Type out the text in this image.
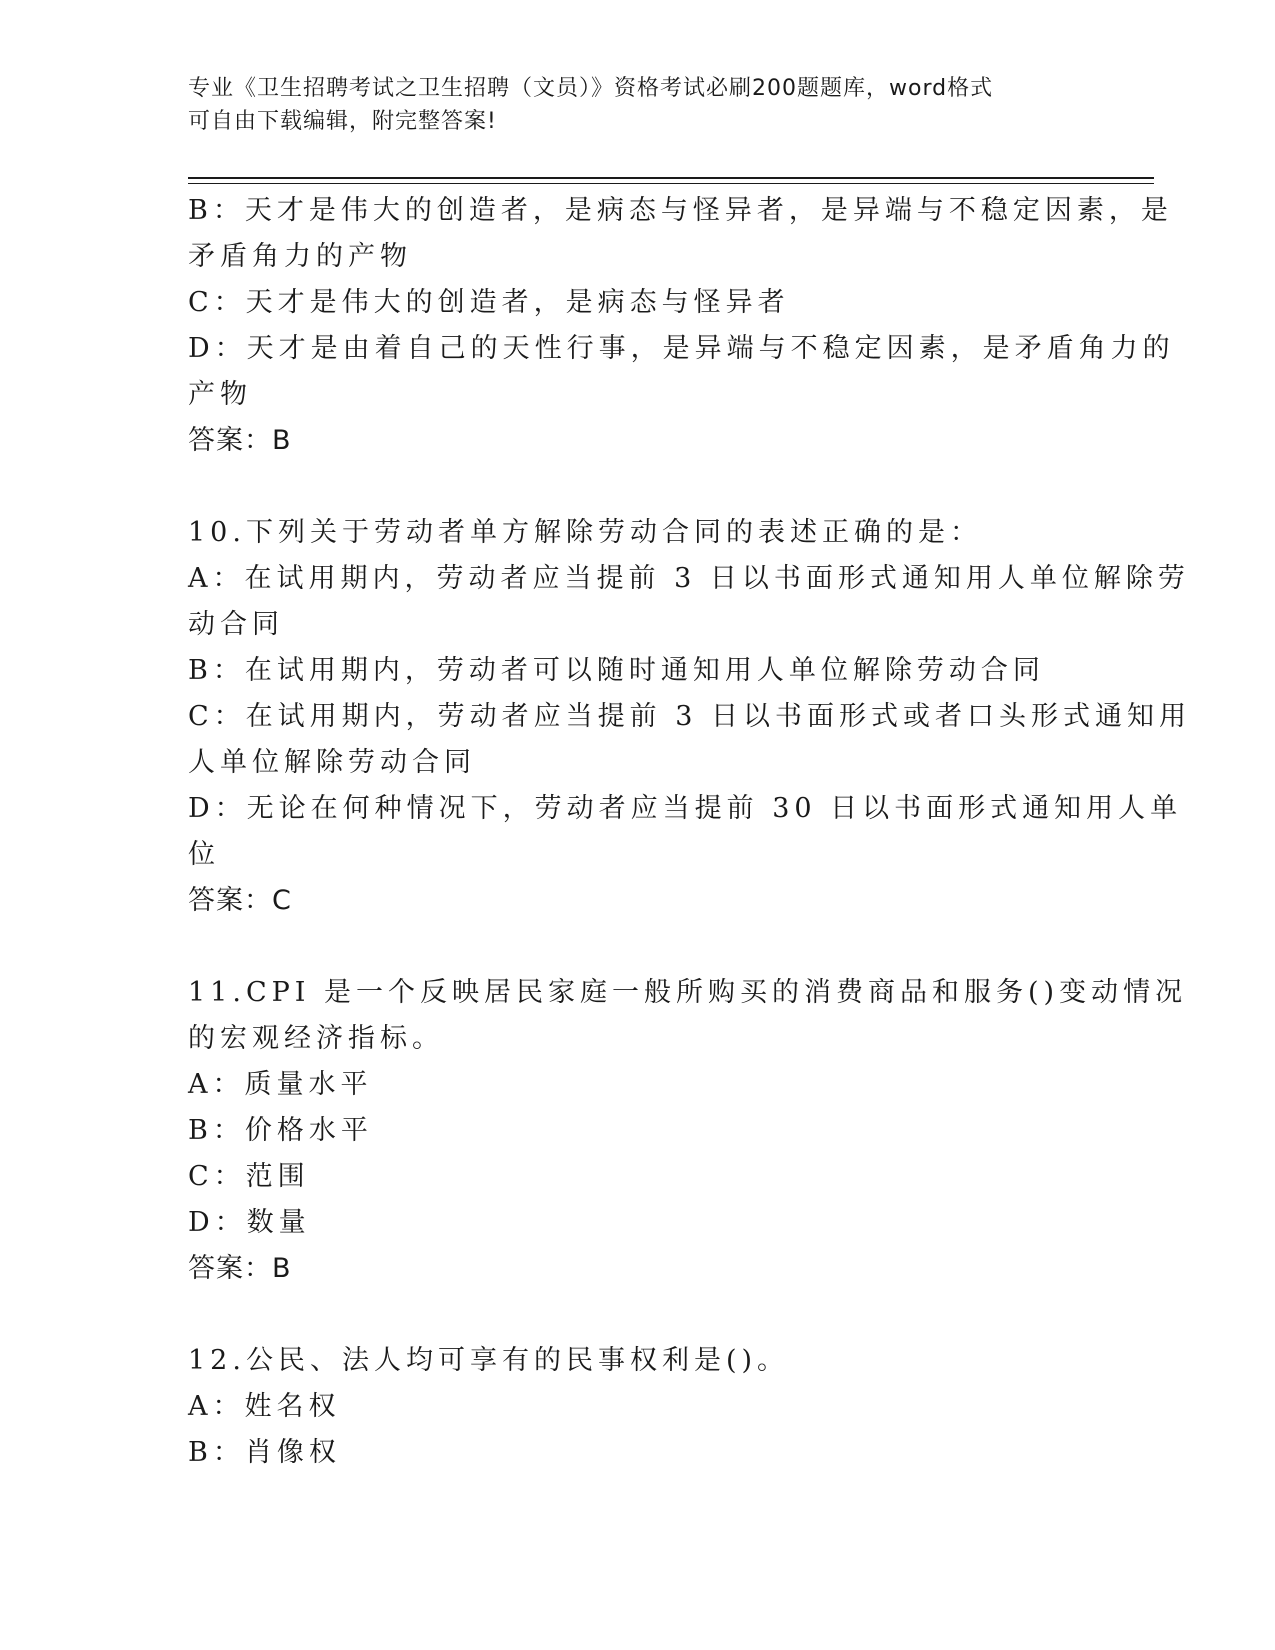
专业《卫生招聘考试之卫生招聘（文员）》资格考试必刷200题题库，word格式
可自由下载编辑，附完整答案!
B：天才是伟大的创造者，是病态与怪异者，是异端与不稳定因素，是
矛盾角力的产物
C：天才是伟大的创造者，是病态与怪异者
D：天才是由着自己的天性行事，是异端与不稳定因素，是矛盾角力的
产物
答案：B
10.下列关于劳动者单方解除劳动合同的表述正确的是：
A：在试用期内，劳动者应当提前 3 日以书面形式通知用人单位解除劳
动合同
B：在试用期内，劳动者可以随时通知用人单位解除劳动合同
C：在试用期内，劳动者应当提前 3 日以书面形式或者口头形式通知用
人单位解除劳动合同
D：无论在何种情况下，劳动者应当提前 30 日以书面形式通知用人单
位
答案：C
11.CPI 是一个反映居民家庭一般所购买的消费商品和服务()变动情况
的宏观经济指标。
A：质量水平
B：价格水平
C：范围
D：数量
答案：B
12.公民、法人均可享有的民事权利是()。
A：姓名权
B：肖像权
